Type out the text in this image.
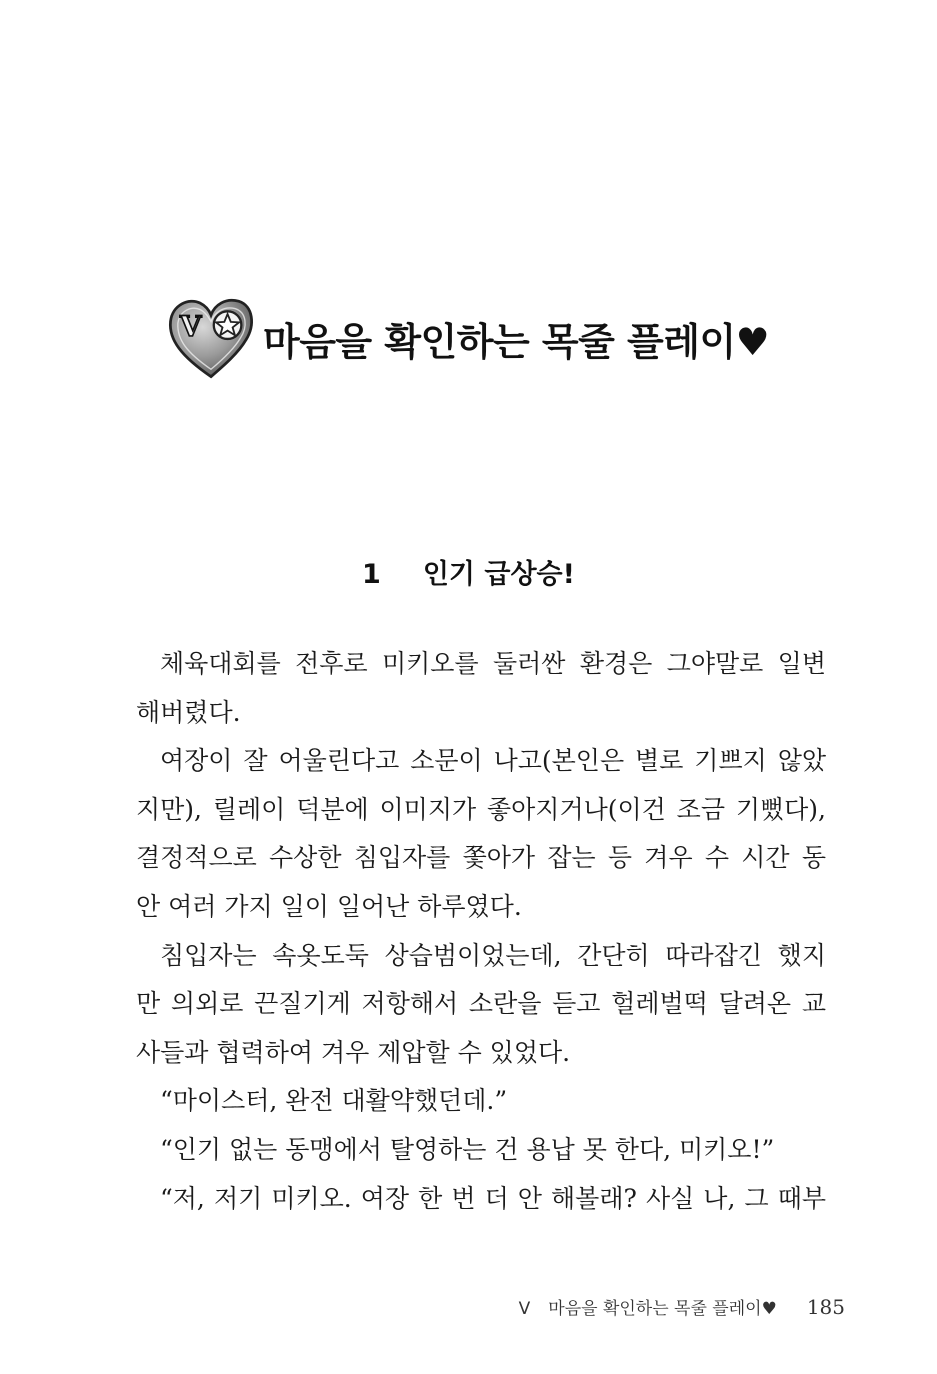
V 마음을 확인하는 목줄 플레이♥
1 인기 급상승!
체육대회를 전후로 미키오를 둘러싼 환경은 그야말로 일변
해버렸다.
여장이 잘 어울린다고 소문이 나고(본인은 별로 기쁘지 않았
지만), 릴레이 덕분에 이미지가 좋아지거나(이건 조금 기뻤다),
결정적으로 수상한 침입자를 쫓아가 잡는 등 겨우 수 시간 동
안 여러 가지 일이 일어난 하루였다.
침입자는 속옷도둑 상습범이었는데, 간단히 따라잡긴 했지
만 의외로 끈질기게 저항해서 소란을 듣고 헐레벌떡 달려온 교
사들과 협력하여 겨우 제압할 수 있었다.
“마이스터, 완전 대활약했던데.”
“인기 없는 동맹에서 탈영하는 건 용납 못 한다, 미키오!”
“저, 저기 미키오. 여장 한 번 더 안 해볼래? 사실 나, 그 때부
V 마음을 확인하는 목줄 플레이♥ 185
